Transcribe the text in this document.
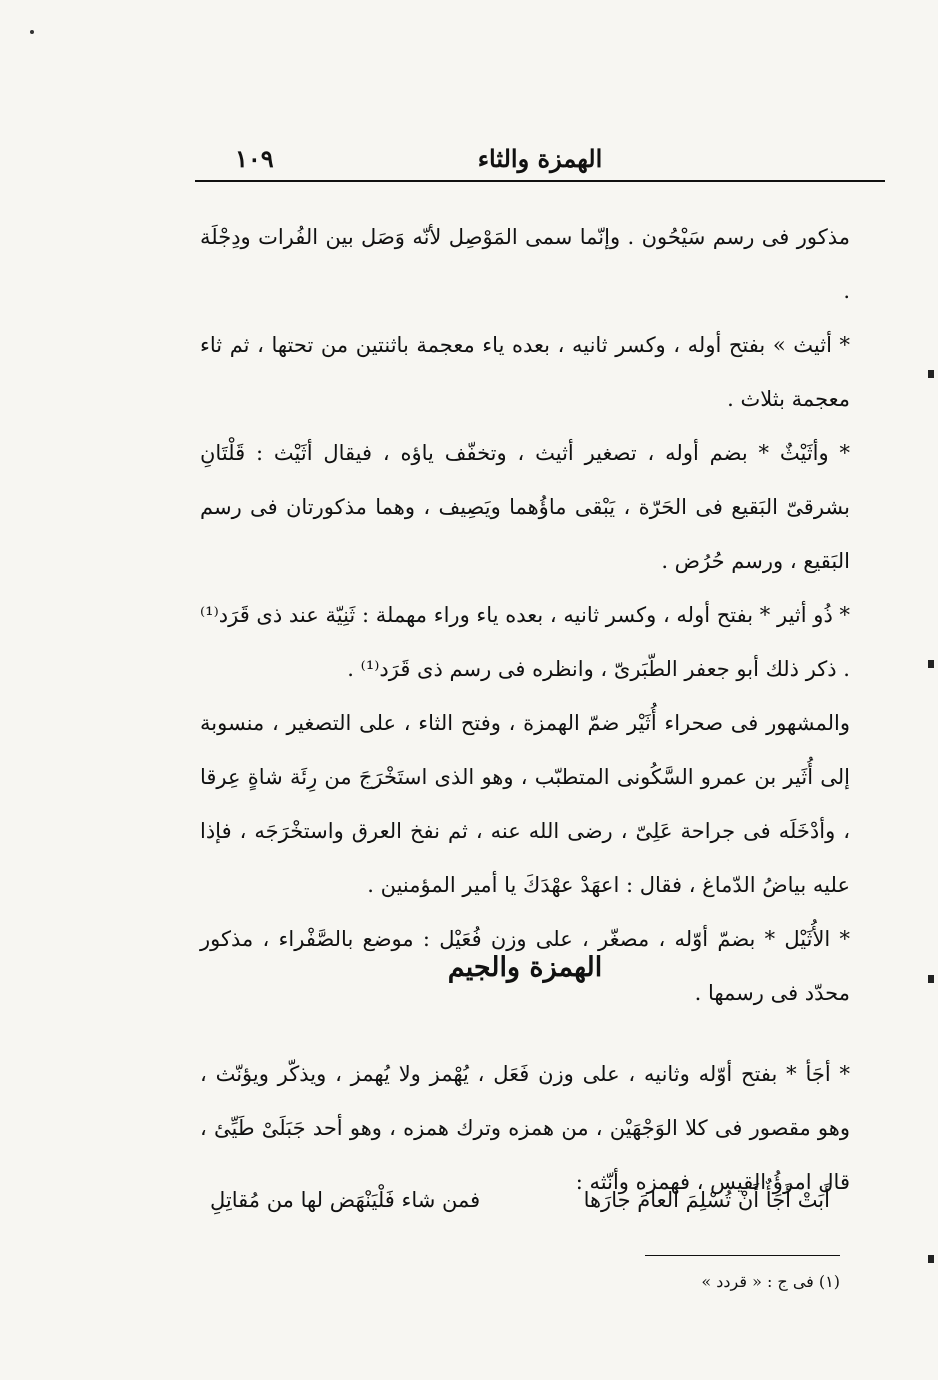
الهمزة والثاء
١٠٩

مذكور فى رسم سَيْحُون . وإنّما سمى المَوْصِل لأنّه وَصَل بين الفُرات ودِجْلَة .

* أثيث » بفتح أوله ، وكسر ثانيه ، بعده ياء معجمة باثنتين من تحتها ، ثم ثاء معجمة بثلاث .

* وأثَيْثٌ * بضم أوله ، تصغير أثيث ، وتخفّف ياؤه ، فيقال أثَيْث : قَلْتَانِ بشرقىّ البَقيع فى الحَرّة ، يَبْقى ماؤُهما ويَصِيف ، وهما مذكورتان فى رسم البَقيع ، ورسم حُرُض .

* ذُو أثير * بفتح أوله ، وكسر ثانيه ، بعده ياء وراء مهملة : ثَنِيّة عند ذى قَرَد⁽¹⁾ . ذكر ذلك أبو جعفر الطّبَرىّ ، وانظره فى رسم ذى قَرَد⁽¹⁾ .

والمشهور فى صحراء أُثَيْر ضمّ الهمزة ، وفتح الثاء ، على التصغير ، منسوبة إلى أُثَير بن عمرو السَّكُونى المتطبّب ، وهو الذى استَخْرَجَ من رِئَة شاةٍ عِرقا ، وأدْخَلَه فى جراحة عَلِىّ ، رضى الله عنه ، ثم نفخ العرق واستخْرَجَه ، فإذا عليه بياضُ الدّماغ ، فقال : اعهَدْ عهْدَكَ يا أمير المؤمنين .

* الأُثَيْل * بضمّ أوّله ، مصغّر ، على وزن فُعَيْل : موضع بالصَّفْراء ، مذكور محدّد فى رسمها .

الهمزة والجيم

* أجَأ * بفتح أوّله وثانيه ، على وزن فَعَل ، يُهْمز ولا يُهمز ، ويذكّر ويؤنّث ، وهو مقصور فى كلا الوَجْهَيْن ، من همزه وترك همزه ، وهو أحد جَبَلَىْ طَيِّئ ، قال امرؤُ القيس ، فهمزه وأنّثه :

أَبَتْ أَجَأٌ أَنْ تُسْلِمَ العامَ جارَها
فمن شاء فَلْيَنْهَض لها من مُقاتِلِ
(١) فى ج : « قردد »
